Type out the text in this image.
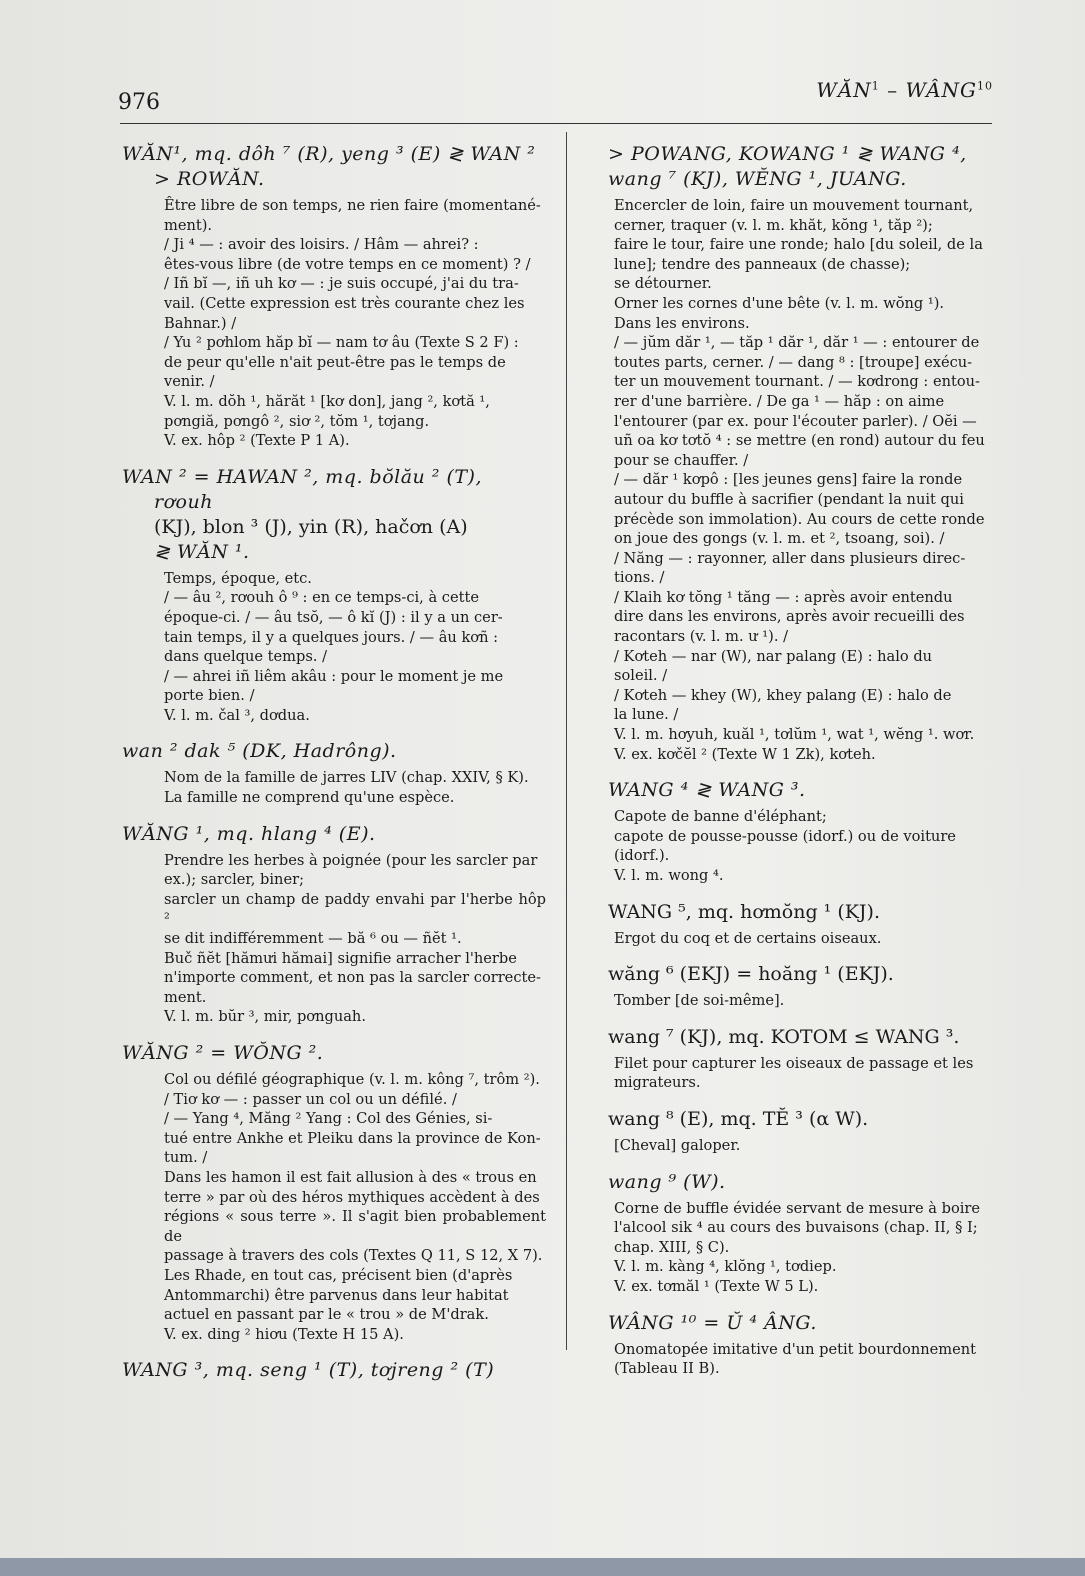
976	WĂN$^1$ – WÂNG$^{10}$
WĂN¹, mq. dôh ⁷ (R), yeng ³ (E) ≷ WAN ²
> ROWĂN.
Être libre de son temps, ne rien faire (momentané-
ment).
/ Ji ⁴ — : avoir des loisirs. / Hâm — ahrei? :
êtes-vous libre (de votre temps en ce moment) ? /
/ Iñ bĭ —, iñ uh kơ — : je suis occupé, j'ai du tra-
vail. (Cette expression est très courante chez les
Bahnar.) /
/ Yu ² pơhlom hăp bĭ — nam tơ âu (Texte S 2 F) :
de peur qu'elle n'ait peut-être pas le temps de
venir. /
V. l. m. dŏh ¹, hărăt ¹ [kơ don], jang ², kơtă ¹,
pơngiă, pơngô ², siơ ², tŏm ¹, tơjang.
V. ex. hôp ² (Texte P 1 A).
WAN ² = HAWAN ², mq. bŏlău ² (T), rơouh
(KJ), blon ³ (J), yin (R), hačơn (A)
≷ WĂN ¹.
Temps, époque, etc.
/ — âu ², rơouh ô ⁹ : en ce temps-ci, à cette
époque-ci. / — âu tsŏ, — ô kĭ (J) : il y a un cer-
tain temps, il y a quelques jours. / — âu kơñ :
dans quelque temps. /
/ — ahrei iñ liêm akâu : pour le moment je me
porte bien. /
V. l. m. čal ³, dơdua.
wan ² dak ⁵ (DK, Hadrông).
Nom de la famille de jarres LIV (chap. XXIV, § K).
La famille ne comprend qu'une espèce.
WĂNG ¹, mq. hlang ⁴ (E).
Prendre les herbes à poignée (pour les sarcler par
ex.); sarcler, biner;
sarcler un champ de paddy envahi par l'herbe hôp ²
se dit indifféremment — bă ⁶ ou — ñĕt ¹.
Buč ñĕt [hămưi hămai] signifie arracher l'herbe
n'importe comment, et non pas la sarcler correcte-
ment.
V. l. m. bŭr ³, mir, pơnguah.
WĂNG ² = WŎNG ².
Col ou défilé géographique (v. l. m. kông ⁷, trôm ²).
/ Tiơ kơ — : passer un col ou un défilé. /
/ — Yang ⁴, Măng ² Yang : Col des Génies, si-
tué entre Ankhe et Pleiku dans la province de Kon-
tum. /
Dans les hamon il est fait allusion à des « trous en
terre » par où des héros mythiques accèdent à des
régions « sous terre ». Il s'agit bien probablement de
passage à travers des cols (Textes Q 11, S 12, X 7).
Les Rhade, en tout cas, précisent bien (d'après
Antommarchi) être parvenus dans leur habitat
actuel en passant par le « trou » de M'drak.
V. ex. ding ² hiơu (Texte H 15 A).
WANG ³, mq. seng ¹ (T), tơjreng ² (T)
> POWANG, KOWANG ¹ ≷ WANG ⁴,
wang ⁷ (KJ), WĔNG ¹, JUANG.
Encercler de loin, faire un mouvement tournant,
cerner, traquer (v. l. m. khăt, kŏng ¹, tăp ²);
faire le tour, faire une ronde; halo [du soleil, de la
lune]; tendre des panneaux (de chasse);
se détourner.
Orner les cornes d'une bête (v. l. m. wŏng ¹).
Dans les environs.
/ — jŭm dăr ¹, — tăp ¹ dăr ¹, dăr ¹ — : entourer de
toutes parts, cerner. / — dang ⁸ : [troupe] exécu-
ter un mouvement tournant. / — kơdrong : entou-
rer d'une barrière. / De ga ¹ — hăp : on aime
l'entourer (par ex. pour l'écouter parler). / Oĕi —
uñ oa kơ tơtŏ ⁴ : se mettre (en rond) autour du feu
pour se chauffer. /
/ — dăr ¹ kơpô : [les jeunes gens] faire la ronde
autour du buffle à sacrifier (pendant la nuit qui
précède son immolation). Au cours de cette ronde
on joue des gongs (v. l. m. et ², tsoang, soi). /
/ Năng — : rayonner, aller dans plusieurs direc-
tions. /
/ Klaih kơ tŏng ¹ tăng — : après avoir entendu
dire dans les environs, après avoir recueilli des
racontars (v. l. m. ư ¹). /
/ Kơteh — nar (W), nar palang (E) : halo du
soleil. /
/ Kơteh — khey (W), khey palang (E) : halo de
la lune. /
V. l. m. hơyuh, kuăl ¹, tơlŭm ¹, wat ¹, wĕng ¹. wơr.
V. ex. kơčĕl ² (Texte W 1 Zk), kơteh.
WANG ⁴ ≷ WANG ³.
Capote de banne d'éléphant;
capote de pousse-pousse (idorf.) ou de voiture
(idorf.).
V. l. m. wong ⁴.
WANG ⁵, mq. hơmŏng ¹ (KJ).
Ergot du coq et de certains oiseaux.
wăng ⁶ (EKJ) = hoăng ¹ (EKJ).
Tomber [de soi-même].
wang ⁷ (KJ), mq. KOTOM ≤ WANG ³.
Filet pour capturer les oiseaux de passage et les
migrateurs.
wang ⁸ (E), mq. TĔ ³ (α W).
[Cheval] galoper.
wang ⁹ (W).
Corne de buffle évidée servant de mesure à boire
l'alcool sik ⁴ au cours des buvaisons (chap. II, § I;
chap. XIII, § C).
V. l. m. kàng ⁴, klŏng ¹, tơdiep.
V. ex. tơmăl ¹ (Texte W 5 L).
WÂNG ¹⁰ = Ŭ ⁴ ÂNG.
Onomatopée imitative d'un petit bourdonnement
(Tableau II B).
